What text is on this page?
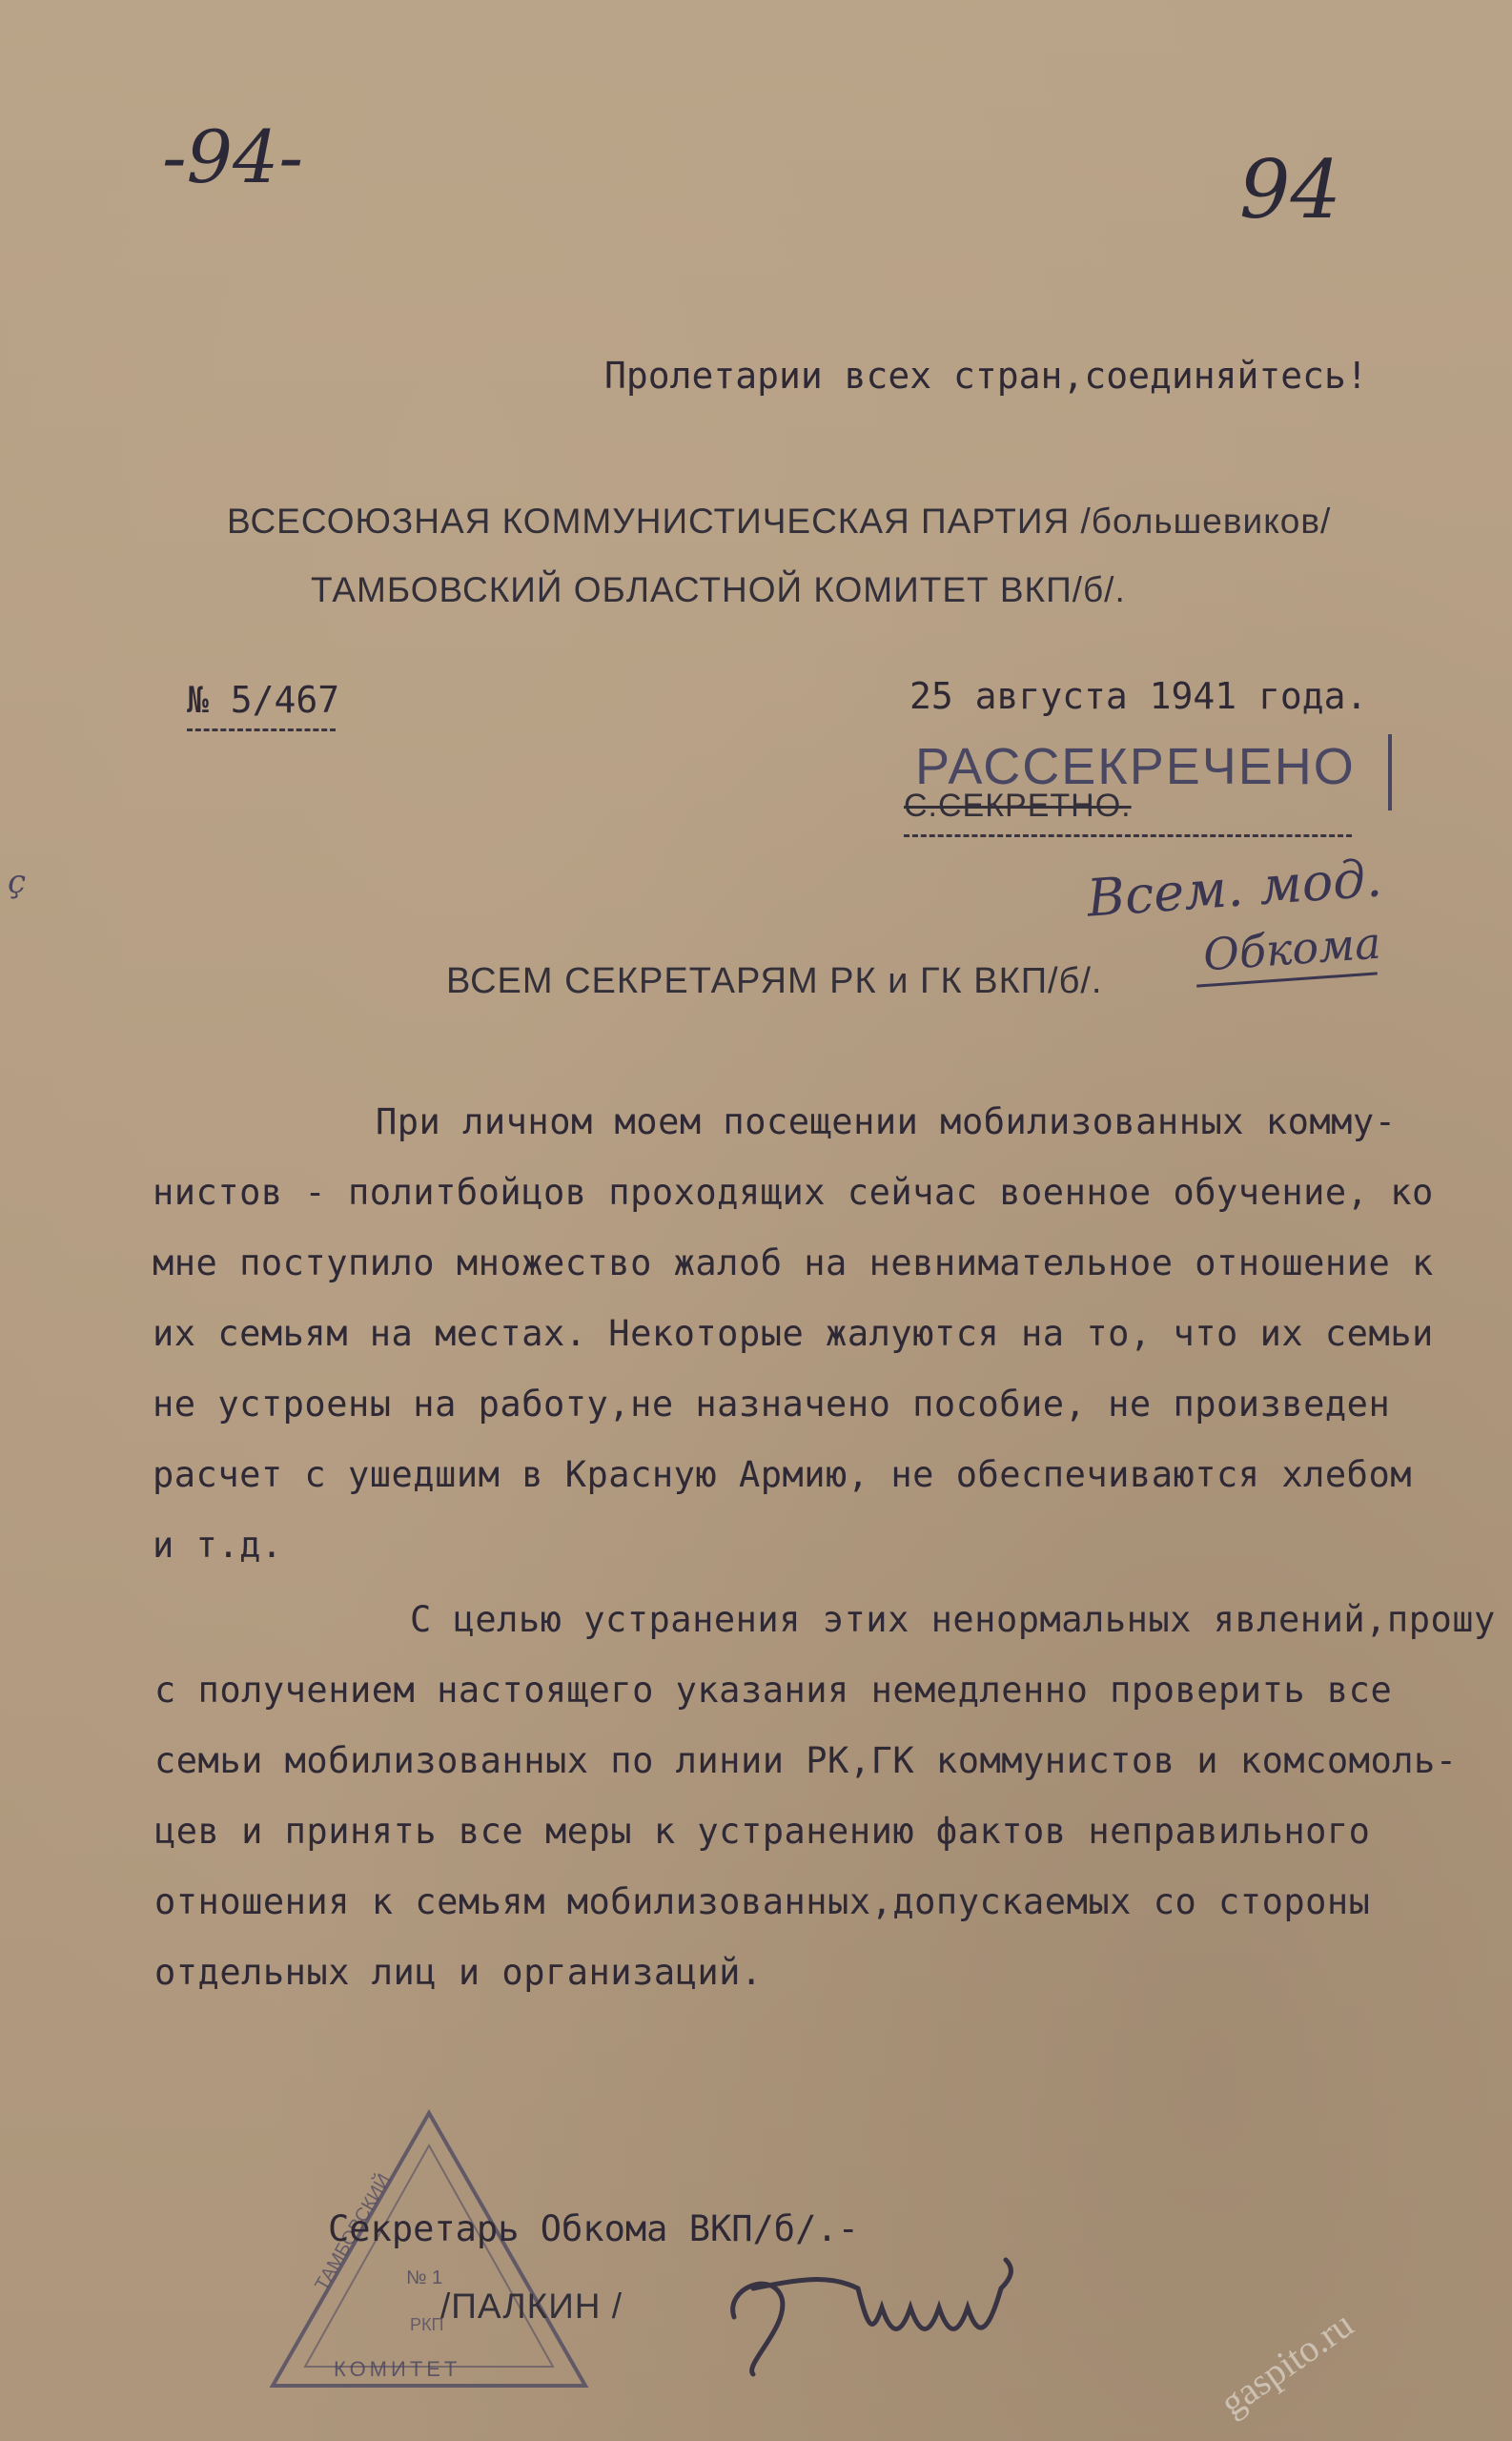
-94-	94
Пролетарии всех стран,соединяйтесь!
ВСЕСОЮЗНАЯ КОММУНИСТИЧЕСКАЯ ПАРТИЯ /большевиков/
ТАМБОВСКИЙ ОБЛАСТНОЙ КОМИТЕТ ВКП/б/.
№ 5/467	25 августа 1941 года.
РАССЕКРЕЧЕНО
С.СЕКРЕТНО.
Всем. мод.
Обкома
ВСЕМ СЕКРЕТАРЯМ РК и ГК ВКП/б/.
При личном моем посещении мобилизованных комму-
нистов - политбойцов проходящих сейчас военное обучение, ко
мне поступило множество жалоб на невнимательное отношение к
их семьям на местах. Некоторые жалуются на то, что их семьи
не устроены на работу,не назначено пособие, не произведен
расчет с ушедшим в Красную Армию, не обеспечиваются хлебом
и т.д.
С целью устранения этих ненормальных явлений,прошу
с получением настоящего указания немедленно проверить все
семьи мобилизованных по линии РК,ГК коммунистов и комсомоль-
цев и принять все меры к устранению фактов неправильного
отношения к семьям мобилизованных,допускаемых со стороны
отдельных лиц и организаций.
ТАМБОВСКИЙ № 1
РКП
КОМИТЕТ
Секретарь Обкома ВКП/б/.-
/ПАЛКИН /	gaspito.ru
ç
